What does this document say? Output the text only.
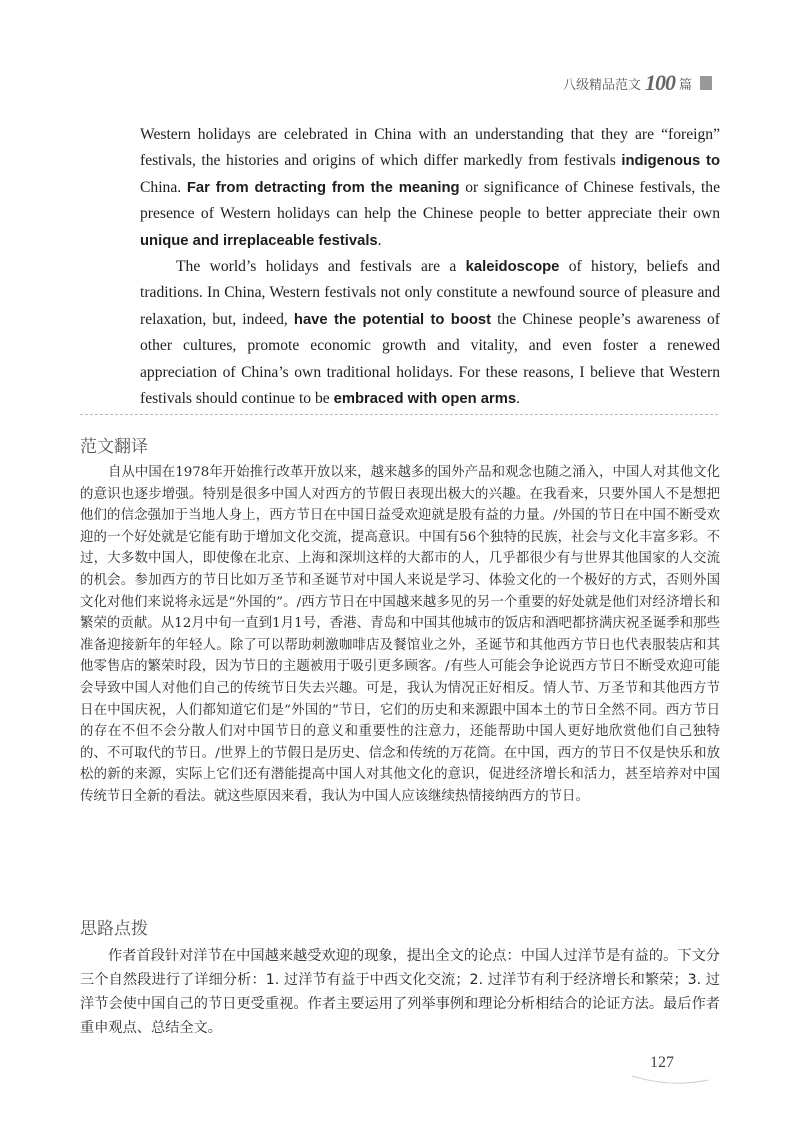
八级精品范文 100 篇

Western holidays are celebrated in China with an understanding that they are “foreign” festivals, the histories and origins of which differ markedly from festivals indigenous to China. Far from detracting from the meaning or significance of Chinese festivals, the presence of Western holidays can help the Chinese people to better appreciate their own unique and irreplaceable festivals.

The world’s holidays and festivals are a kaleidoscope of history, beliefs and traditions. In China, Western festivals not only constitute a newfound source of pleasure and relaxation, but, indeed, have the potential to boost the Chinese people’s awareness of other cultures, promote economic growth and vitality, and even foster a renewed appreciation of China’s own traditional holidays. For these reasons, I believe that Western festivals should continue to be embraced with open arms.

范文翻译

自从中国在1978年开始推行改革开放以来，越来越多的国外产品和观念也随之涌入，中国人对其他文化的意识也逐步增强。特别是很多中国人对西方的节假日表现出极大的兴趣。在我看来，只要外国人不是想把他们的信念强加于当地人身上，西方节日在中国日益受欢迎就是股有益的力量。/外国的节日在中国不断受欢迎的一个好处就是它能有助于增加文化交流，提高意识。中国有56个独特的民族，社会与文化丰富多彩。不过，大多数中国人，即使像在北京、上海和深圳这样的大都市的人，几乎都很少有与世界其他国家的人交流的机会。参加西方的节日比如万圣节和圣诞节对中国人来说是学习、体验文化的一个极好的方式，否则外国文化对他们来说将永远是“外国的”。/西方节日在中国越来越多见的另一个重要的好处就是他们对经济增长和繁荣的贡献。从12月中旬一直到1月1号，香港、青岛和中国其他城市的饭店和酒吧都挤满庆祝圣诞季和那些准备迎接新年的年轻人。除了可以帮助刺激咖啡店及餐馆业之外，圣诞节和其他西方节日也代表服装店和其他零售店的繁荣时段，因为节日的主题被用于吸引更多顾客。/有些人可能会争论说西方节日不断受欢迎可能会导致中国人对他们自己的传统节日失去兴趣。可是，我认为情况正好相反。情人节、万圣节和其他西方节日在中国庆祝，人们都知道它们是“外国的”节日，它们的历史和来源跟中国本土的节日全然不同。西方节日的存在不但不会分散人们对中国节日的意义和重要性的注意力，还能帮助中国人更好地欣赏他们自己独特的、不可取代的节日。/世界上的节假日是历史、信念和传统的万花筒。在中国，西方的节日不仅是快乐和放松的新的来源，实际上它们还有潜能提高中国人对其他文化的意识，促进经济增长和活力，甚至培养对中国传统节日全新的看法。就这些原因来看，我认为中国人应该继续热情接纳西方的节日。

思路点拨

作者首段针对洋节在中国越来越受欢迎的现象，提出全文的论点：中国人过洋节是有益的。下文分三个自然段进行了详细分析：1. 过洋节有益于中西文化交流；2. 过洋节有利于经济增长和繁荣；3. 过洋节会使中国自己的节日更受重视。作者主要运用了列举事例和理论分析相结合的论证方法。最后作者重申观点、总结全文。

127
